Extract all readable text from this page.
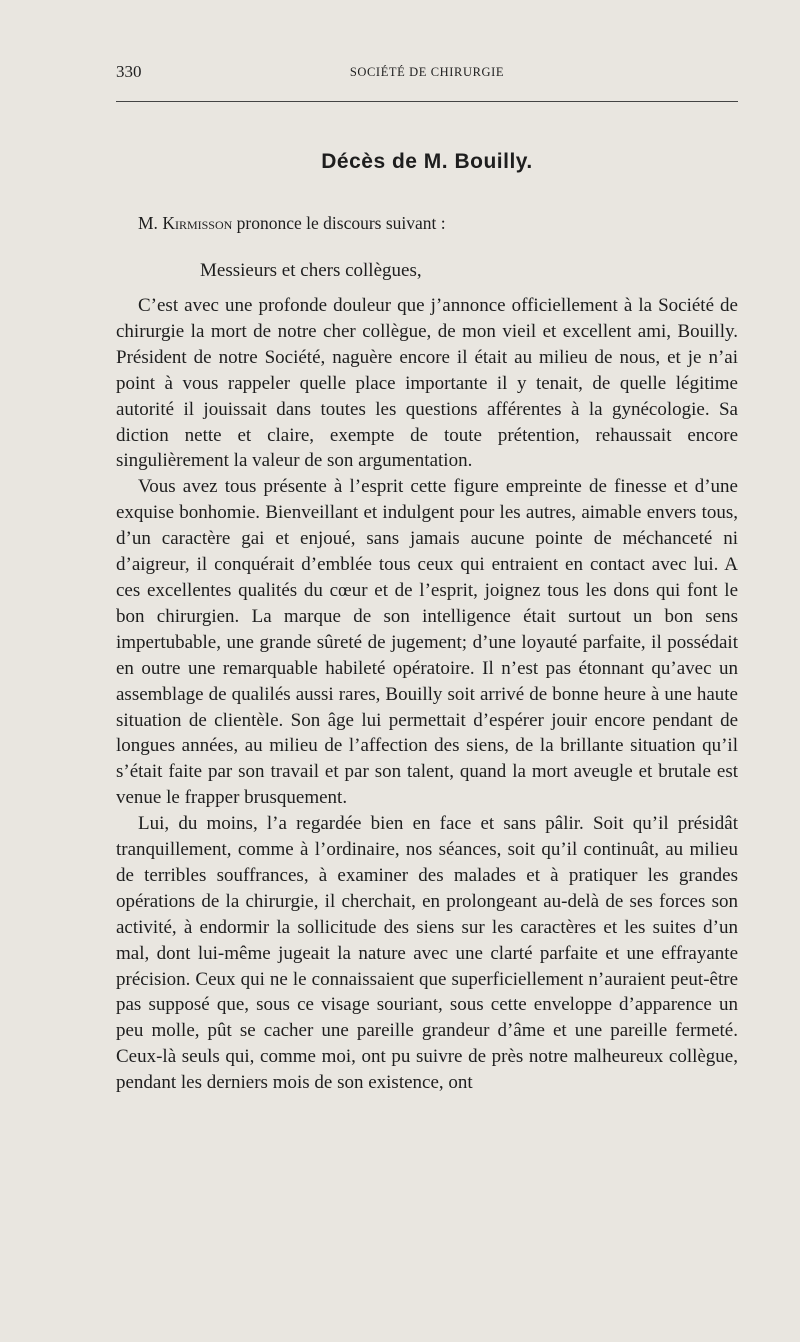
330	SOCIÉTÉ DE CHIRURGIE
Décès de M. Bouilly.
M. Kirmisson prononce le discours suivant :
Messieurs et chers collègues,

C’est avec une profonde douleur que j’annonce officiellement à la Société de chirurgie la mort de notre cher collègue, de mon vieil et excellent ami, Bouilly. Président de notre Société, naguère encore il était au milieu de nous, et je n’ai point à vous rappeler quelle place importante il y tenait, de quelle légitime autorité il jouissait dans toutes les questions afférentes à la gynécologie. Sa diction nette et claire, exempte de toute prétention, rehaussait encore singulièrement la valeur de son argumentation.

Vous avez tous présente à l’esprit cette figure empreinte de finesse et d’une exquise bonhomie. Bienveillant et indulgent pour les autres, aimable envers tous, d’un caractère gai et enjoué, sans jamais aucune pointe de méchanceté ni d’aigreur, il conquérait d’emblée tous ceux qui entraient en contact avec lui. A ces excellentes qualités du cœur et de l’esprit, joignez tous les dons qui font le bon chirurgien. La marque de son intelligence était surtout un bon sens impertubable, une grande sûreté de jugement; d’une loyauté parfaite, il possédait en outre une remarquable habileté opératoire. Il n’est pas étonnant qu’avec un assemblage de qualilés aussi rares, Bouilly soit arrivé de bonne heure à une haute situation de clientèle. Son âge lui permettait d’espérer jouir encore pendant de longues années, au milieu de l’affection des siens, de la brillante situation qu’il s’était faite par son travail et par son talent, quand la mort aveugle et brutale est venue le frapper brusquement.

Lui, du moins, l’a regardée bien en face et sans pâlir. Soit qu’il présidât tranquillement, comme à l’ordinaire, nos séances, soit qu’il continuât, au milieu de terribles souffrances, à examiner des malades et à pratiquer les grandes opérations de la chirurgie, il cherchait, en prolongeant au-delà de ses forces son activité, à endormir la sollicitude des siens sur les caractères et les suites d’un mal, dont lui-même jugeait la nature avec une clarté parfaite et une effrayante précision. Ceux qui ne le connaissaient que superficiellement n’auraient peut-être pas supposé que, sous ce visage souriant, sous cette enveloppe d’apparence un peu molle, pût se cacher une pareille grandeur d’âme et une pareille fermeté. Ceux-là seuls qui, comme moi, ont pu suivre de près notre malheureux collègue, pendant les derniers mois de son existence, ont
